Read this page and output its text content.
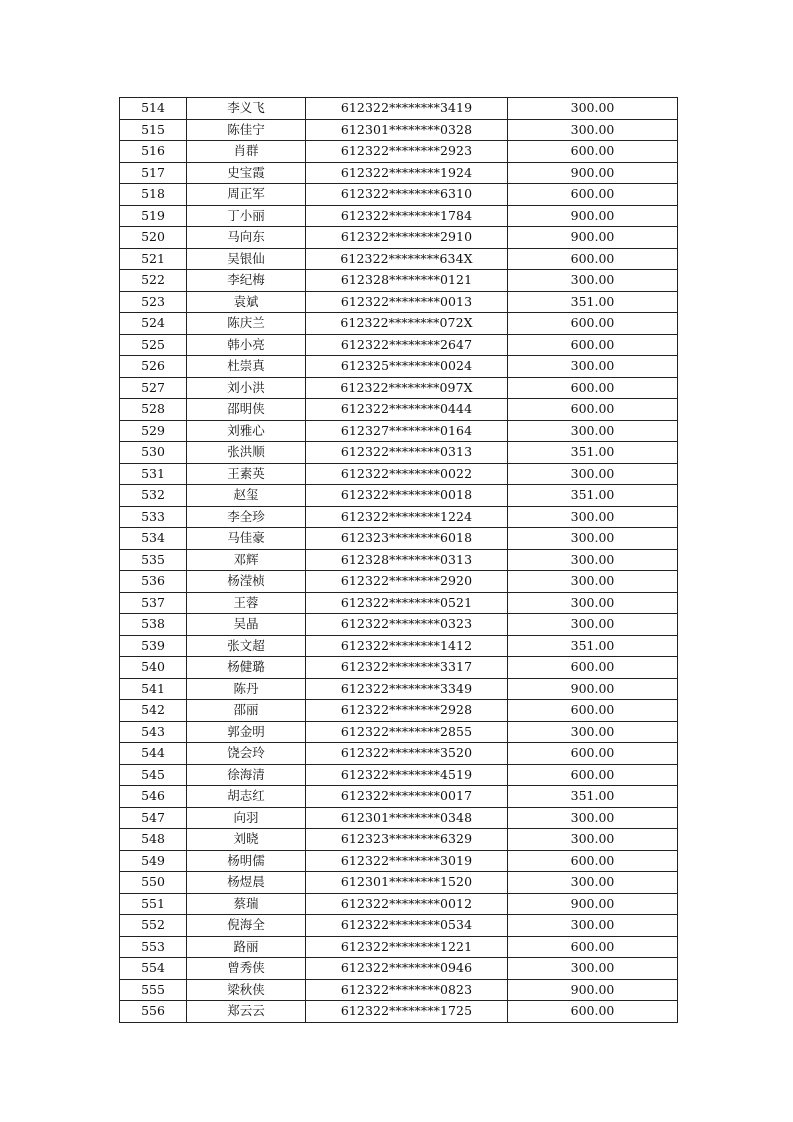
514	李义飞	612322********3419	300.00
515	陈佳宁	612301********0328	300.00
516	肖群	612322********2923	600.00
517	史宝霞	612322********1924	900.00
518	周正军	612322********6310	600.00
519	丁小丽	612322********1784	900.00
520	马向东	612322********2910	900.00
521	吴银仙	612322********634X	600.00
522	李纪梅	612328********0121	300.00
523	袁斌	612322********0013	351.00
524	陈庆兰	612322********072X	600.00
525	韩小亮	612322********2647	600.00
526	杜崇真	612325********0024	300.00
527	刘小洪	612322********097X	600.00
528	邵明侠	612322********0444	600.00
529	刘雅心	612327********0164	300.00
530	张洪顺	612322********0313	351.00
531	王素英	612322********0022	300.00
532	赵玺	612322********0018	351.00
533	李全珍	612322********1224	300.00
534	马佳豪	612323********6018	300.00
535	邓辉	612328********0313	300.00
536	杨滢桢	612322********2920	300.00
537	王蓉	612322********0521	300.00
538	吴晶	612322********0323	300.00
539	张文超	612322********1412	351.00
540	杨健璐	612322********3317	600.00
541	陈丹	612322********3349	900.00
542	邵丽	612322********2928	600.00
543	郭金明	612322********2855	300.00
544	饶会玲	612322********3520	600.00
545	徐海清	612322********4519	600.00
546	胡志红	612322********0017	351.00
547	向羽	612301********0348	300.00
548	刘晓	612323********6329	300.00
549	杨明儒	612322********3019	600.00
550	杨煜晨	612301********1520	300.00
551	蔡瑞	612322********0012	900.00
552	倪海全	612322********0534	300.00
553	路丽	612322********1221	600.00
554	曾秀侠	612322********0946	300.00
555	梁秋侠	612322********0823	900.00
556	郑云云	612322********1725	600.00
